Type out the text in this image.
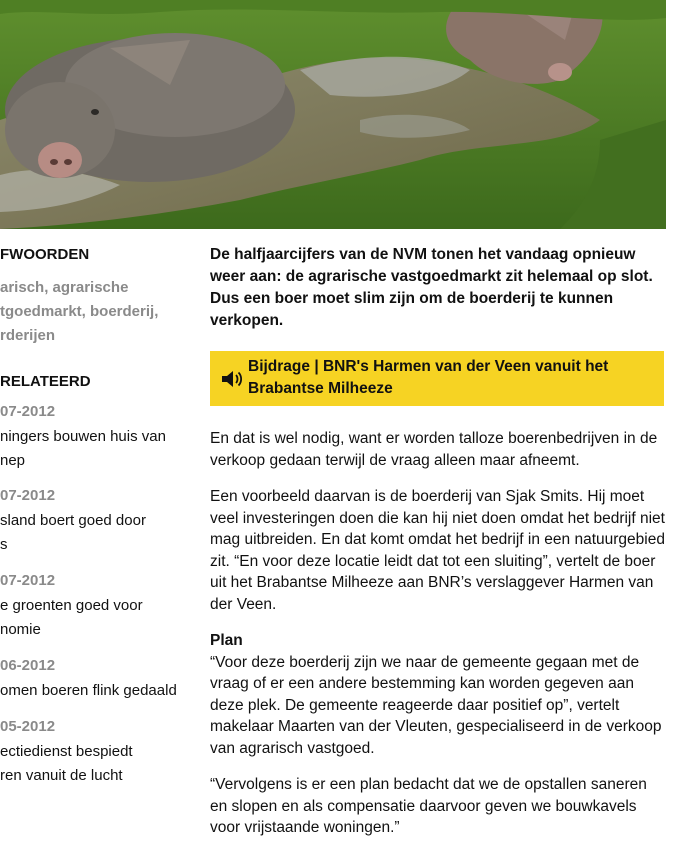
FWOORDEN
arisch, agrarische
tgoedmarkt, boerderij,
rderijen
RELATEERD
07-2012
ningers bouwen huis van
nep
07-2012
sland boert goed door
s
07-2012
e groenten goed voor
nomie
06-2012
omen boeren flink gedaald
05-2012
ectiedienst bespiedt
ren vanuit de lucht

De halfjaarcijfers van de NVM tonen het vandaag opnieuw weer aan: de agrarische vastgoedmarkt zit helemaal op slot. Dus een boer moet slim zijn om de boerderij te kunnen verkopen.

Bijdrage | BNR's Harmen van der Veen vanuit het Brabantse Milheeze

En dat is wel nodig, want er worden talloze boerenbedrijven in de verkoop gedaan terwijl de vraag alleen maar afneemt.

Een voorbeeld daarvan is de boerderij van Sjak Smits. Hij moet veel investeringen doen die kan hij niet doen omdat het bedrijf niet mag uitbreiden. En dat komt omdat het bedrijf in een natuurgebied zit. “En voor deze locatie leidt dat tot een sluiting”, vertelt de boer uit het Brabantse Milheeze aan BNR’s verslaggever Harmen van der Veen.

Plan
“Voor deze boerderij zijn we naar de gemeente gegaan met de vraag of er een andere bestemming kan worden gegeven aan deze plek. De gemeente reageerde daar positief op”, vertelt makelaar Maarten van der Vleuten, gespecialiseerd in de verkoop van agrarisch vastgoed.

“Vervolgens is er een plan bedacht dat we de opstallen saneren en slopen en als compensatie daarvoor geven we bouwkavels voor vrijstaande woningen.”
